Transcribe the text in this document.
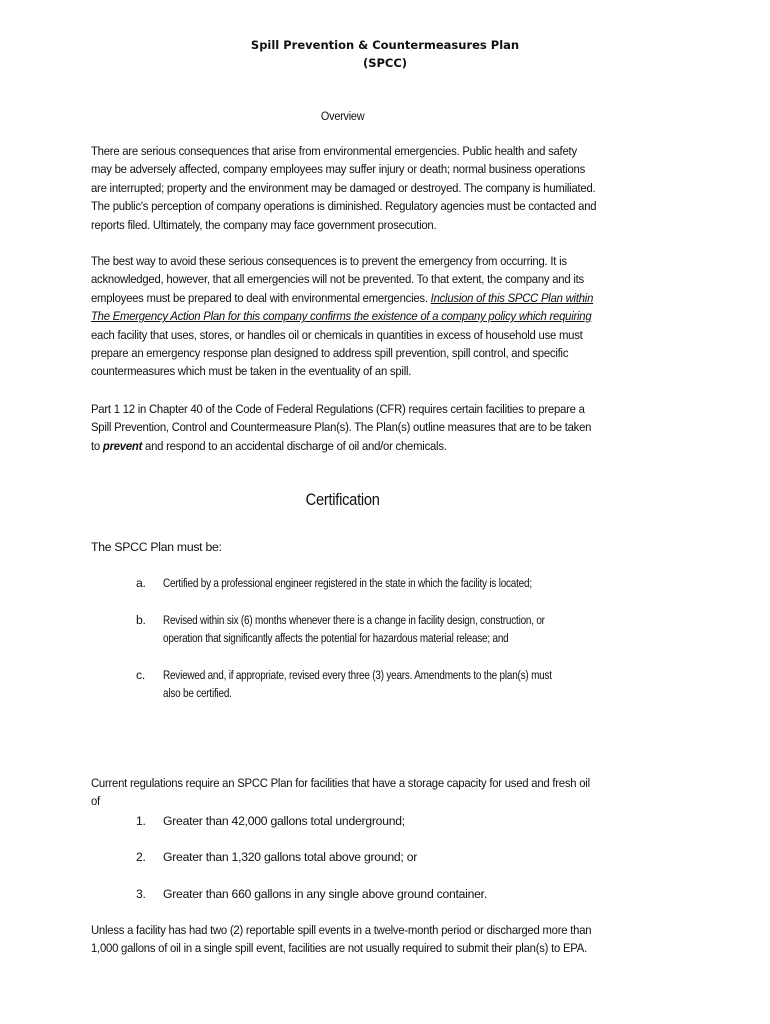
Spill Prevention & Countermeasures Plan
(SPCC)
Overview
There are serious consequences that arise from environmental emergencies. Public health and safety
may be adversely affected, company employees may suffer injury or death; normal business operations
are interrupted; property and the environment may be damaged or destroyed. The company is humiliated.
The public's perception of company operations is diminished. Regulatory agencies must be contacted and
reports filed. Ultimately, the company may face government prosecution.
The best way to avoid these serious consequences is to prevent the emergency from occurring. It is
acknowledged, however, that all emergencies will not be prevented. To that extent, the company and its
employees must be prepared to deal with environmental emergencies. Inclusion of this SPCC Plan within
The Emergency Action Plan for this company confirms the existence of a company policy which requiring
each facility that uses, stores, or handles oil or chemicals in quantities in excess of household use must
prepare an emergency response plan designed to address spill prevention, spill control, and specific
countermeasures which must be taken in the eventuality of an spill.
Part 1 12 in Chapter 40 of the Code of Federal Regulations (CFR) requires certain facilities to prepare a
Spill Prevention, Control and Countermeasure Plan(s). The Plan(s) outline measures that are to be taken
to prevent and respond to an accidental discharge of oil and/or chemicals.
Certification
The SPCC Plan must be:
a. Certified by a professional engineer registered in the state in which the facility is located;
b. Revised within six (6) months whenever there is a change in facility design, construction, or
operation that significantly affects the potential for hazardous material release; and
c. Reviewed and, if appropriate, revised every three (3) years. Amendments to the plan(s) must
also be certified.
Current regulations require an SPCC Plan for facilities that have a storage capacity for used and fresh oil
of
1. Greater than 42,000 gallons total underground;
2. Greater than 1,320 gallons total above ground; or
3. Greater than 660 gallons in any single above ground container.
Unless a facility has had two (2) reportable spill events in a twelve-month period or discharged more than
1,000 gallons of oil in a single spill event, facilities are not usually required to submit their plan(s) to EPA.
